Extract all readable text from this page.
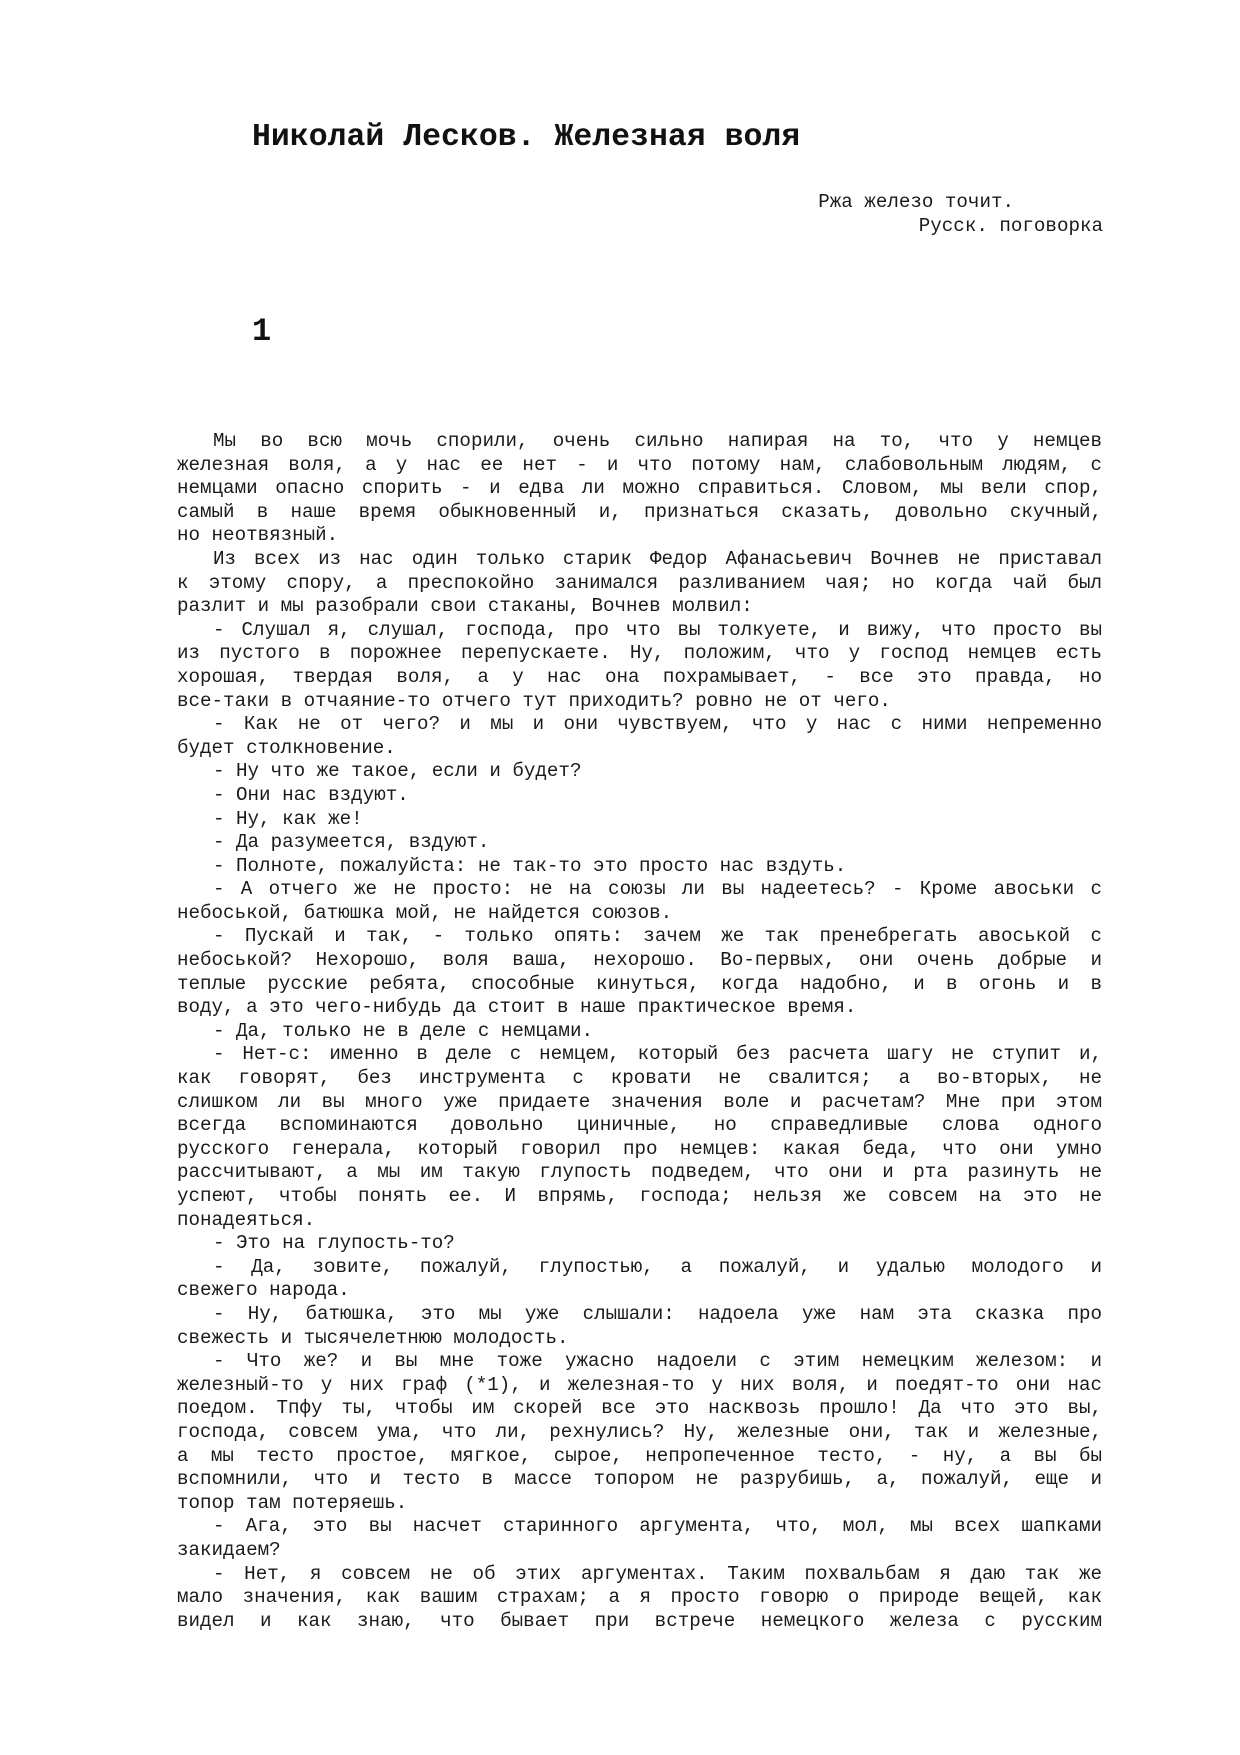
Николай Лесков. Железная воля
Ржа железо точит.
Русск. поговорка
1
Мы во всю мочь спорили, очень сильно напирая на то, что у немцев
железная воля, а у нас ее нет - и что потому нам, слабовольным людям, с
немцами опасно спорить - и едва ли можно справиться. Словом, мы вели спор,
самый в наше время обыкновенный и, признаться сказать, довольно скучный,
но неотвязный.
Из всех из нас один только старик Федор Афанасьевич Вочнев не приставал
к этому спору, а преспокойно занимался разливанием чая; но когда чай был
разлит и мы разобрали свои стаканы, Вочнев молвил:
- Слушал я, слушал, господа, про что вы толкуете, и вижу, что просто вы
из пустого в порожнее перепускаете. Ну, положим, что у господ немцев есть
хорошая, твердая воля, а у нас она похрамывает, - все это правда, но
все-таки в отчаяние-то отчего тут приходить? ровно не от чего.
- Как не от чего? и мы и они чувствуем, что у нас с ними непременно
будет столкновение.
- Ну что же такое, если и будет?
- Они нас вздуют.
- Ну, как же!
- Да разумеется, вздуют.
- Полноте, пожалуйста: не так-то это просто нас вздуть.
- А отчего же не просто: не на союзы ли вы надеетесь? - Кроме авоськи с
небоськой, батюшка мой, не найдется союзов.
- Пускай и так, - только опять: зачем же так пренебрегать авоськой с
небоськой? Нехорошо, воля ваша, нехорошо. Во-первых, они очень добрые и
теплые русские ребята, способные кинуться, когда надобно, и в огонь и в
воду, а это чего-нибудь да стоит в наше практическое время.
- Да, только не в деле с немцами.
- Нет-с: именно в деле с немцем, который без расчета шагу не ступит и,
как говорят, без инструмента с кровати не свалится; а во-вторых, не
слишком ли вы много уже придаете значения воле и расчетам? Мне при этом
всегда вспоминаются довольно циничные, но справедливые слова одного
русского генерала, который говорил про немцев: какая беда, что они умно
рассчитывают, а мы им такую глупость подведем, что они и рта разинуть не
успеют, чтобы понять ее. И впрямь, господа; нельзя же совсем на это не
понадеяться.
- Это на глупость-то?
- Да, зовите, пожалуй, глупостью, а пожалуй, и удалью молодого и
свежего народа.
- Ну, батюшка, это мы уже слышали: надоела уже нам эта сказка про
свежесть и тысячелетнюю молодость.
- Что же? и вы мне тоже ужасно надоели с этим немецким железом: и
железный-то у них граф (*1), и железная-то у них воля, и поедят-то они нас
поедом. Тпфу ты, чтобы им скорей все это насквозь прошло! Да что это вы,
господа, совсем ума, что ли, рехнулись? Ну, железные они, так и железные,
а мы тесто простое, мягкое, сырое, непропеченное тесто, - ну, а вы бы
вспомнили, что и тесто в массе топором не разрубишь, а, пожалуй, еще и
топор там потеряешь.
- Ага, это вы насчет старинного аргумента, что, мол, мы всех шапками
закидаем?
- Нет, я совсем не об этих аргументах. Таким похвальбам я даю так же
мало значения, как вашим страхам; а я просто говорю о природе вещей, как
видел и как знаю, что бывает при встрече немецкого железа с русским
